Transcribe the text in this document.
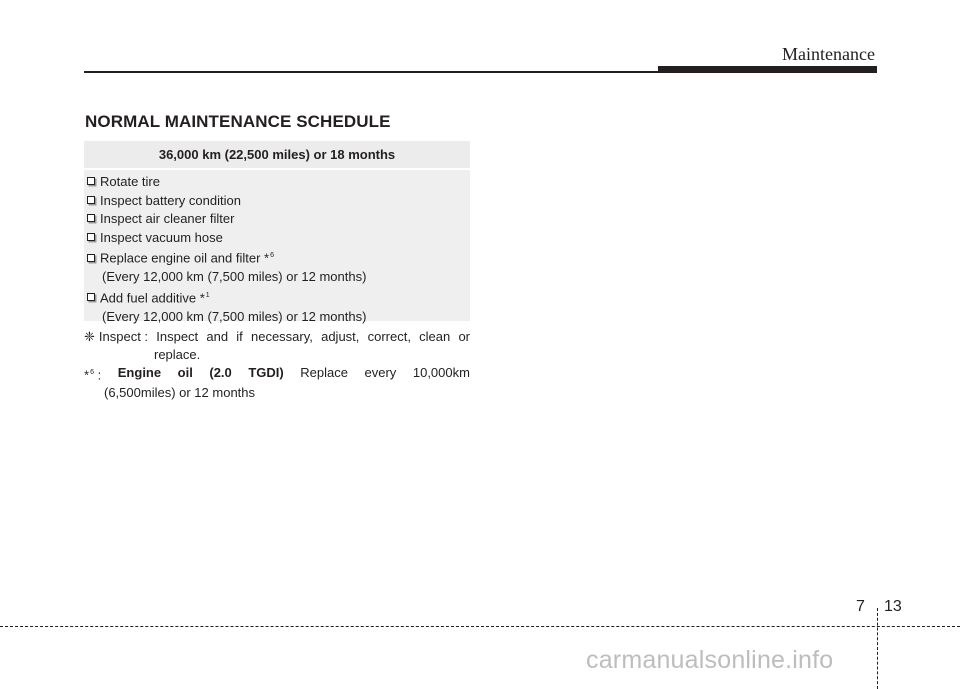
Maintenance
NORMAL MAINTENANCE SCHEDULE
36,000 km (22,500 miles) or 18 months
Rotate tire
Inspect battery condition
Inspect air cleaner filter
Inspect vacuum hose
Replace engine oil and filter *$^6$
(Every 12,000 km (7,500 miles) or 12 months)
Add fuel additive *$^1$
(Every 12,000 km (7,500 miles) or 12 months)
❈ Inspect : Inspect and if necessary, adjust, correct, clean or
replace.
*$^6$ : Engine oil (2.0 TGDI) Replace every 10,000km
(6,500miles) or 12 months
7 13
carmanualsonline.info
